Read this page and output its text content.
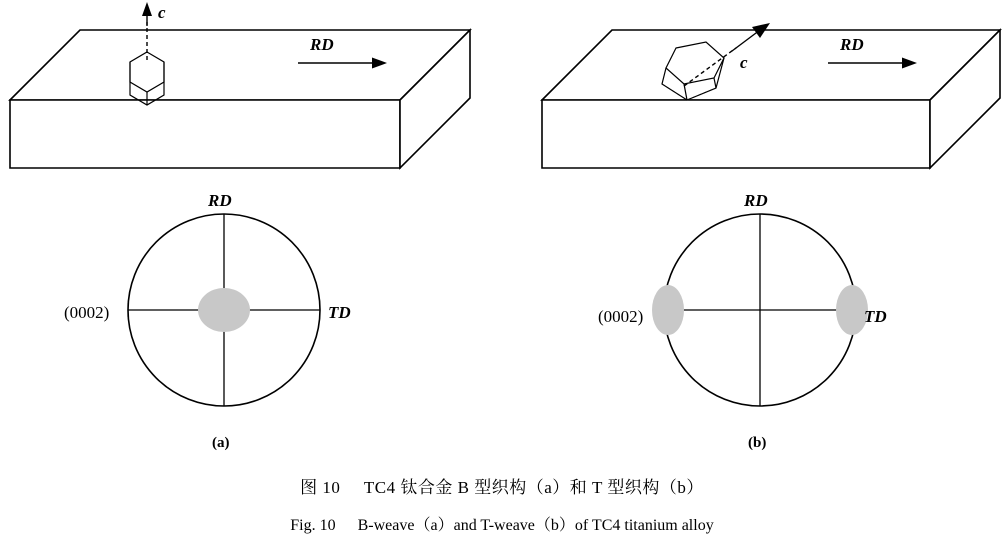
c
RD
RD
TD
(0002)
(a)
c
RD
RD
TD
(0002)
(b)
图 10 TC4 钛合金 B 型织构（a）和 T 型织构（b）
Fig. 10 B-weave（a）and T-weave（b）of TC4 titanium alloy
